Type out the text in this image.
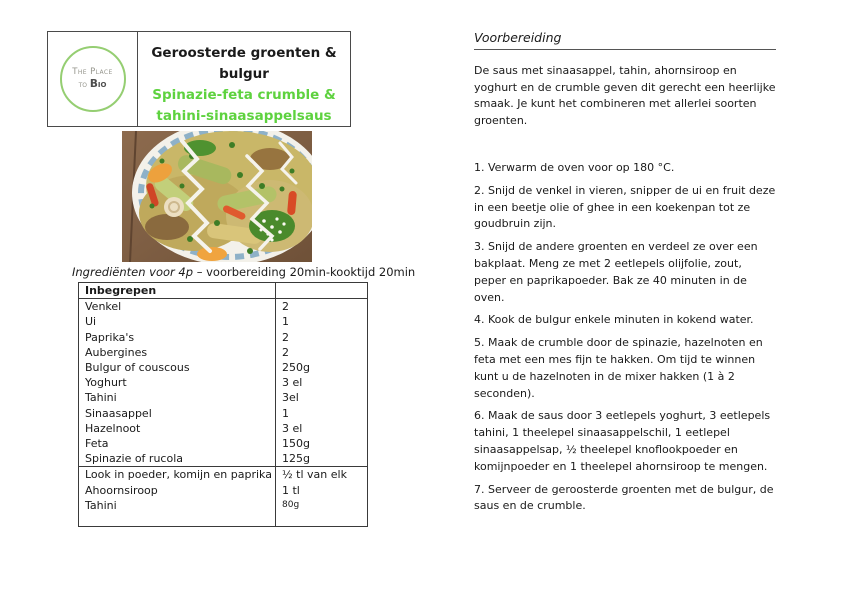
The Place
to Bio
Geroosterde groenten & bulgur
Spinazie-feta crumble & tahini-sinaasappelsaus
Ingrediënten voor 4p – voorbereiding 20min-kooktijd 20min
Inbegrepen	
Venkel	2
Ui	1
Paprika's	2
Aubergines	2
Bulgur of couscous	250g
Yoghurt	3 el
Tahini	3el
Sinaasappel	1
Hazelnoot	3 el
Feta	150g
Spinazie of rucola	125g
Look in poeder, komijn en paprika	½ tl van elk
Ahoornsiroop	1 tl
Tahini	80g

Voorbereiding

De saus met sinaasappel, tahin, ahornsiroop en yoghurt en de crumble geven dit gerecht een heerlijke smaak. Je kunt het combineren met allerlei soorten groenten.

1. Verwarm de oven voor op 180 °C.

2. Snijd de venkel in vieren, snipper de ui en fruit deze in een beetje olie of ghee in een koekenpan tot ze goudbruin zijn.

3. Snijd de andere groenten en verdeel ze over een bakplaat. Meng ze met 2 eetlepels olijfolie, zout, peper en paprikapoeder. Bak ze 40 minuten in de oven.

4. Kook de bulgur enkele minuten in kokend water.

5. Maak de crumble door de spinazie, hazelnoten en feta met een mes fijn te hakken. Om tijd te winnen kunt u de hazelnoten in de mixer hakken (1 à 2 seconden).

6. Maak de saus door 3 eetlepels yoghurt, 3 eetlepels tahini, 1 theelepel sinaasappelschil, 1 eetlepel sinaasappelsap, ½ theelepel knoflookpoeder en komijnpoeder en 1 theelepel ahornsiroop te mengen.

7. Serveer de geroosterde groenten met de bulgur, de saus en de crumble.
